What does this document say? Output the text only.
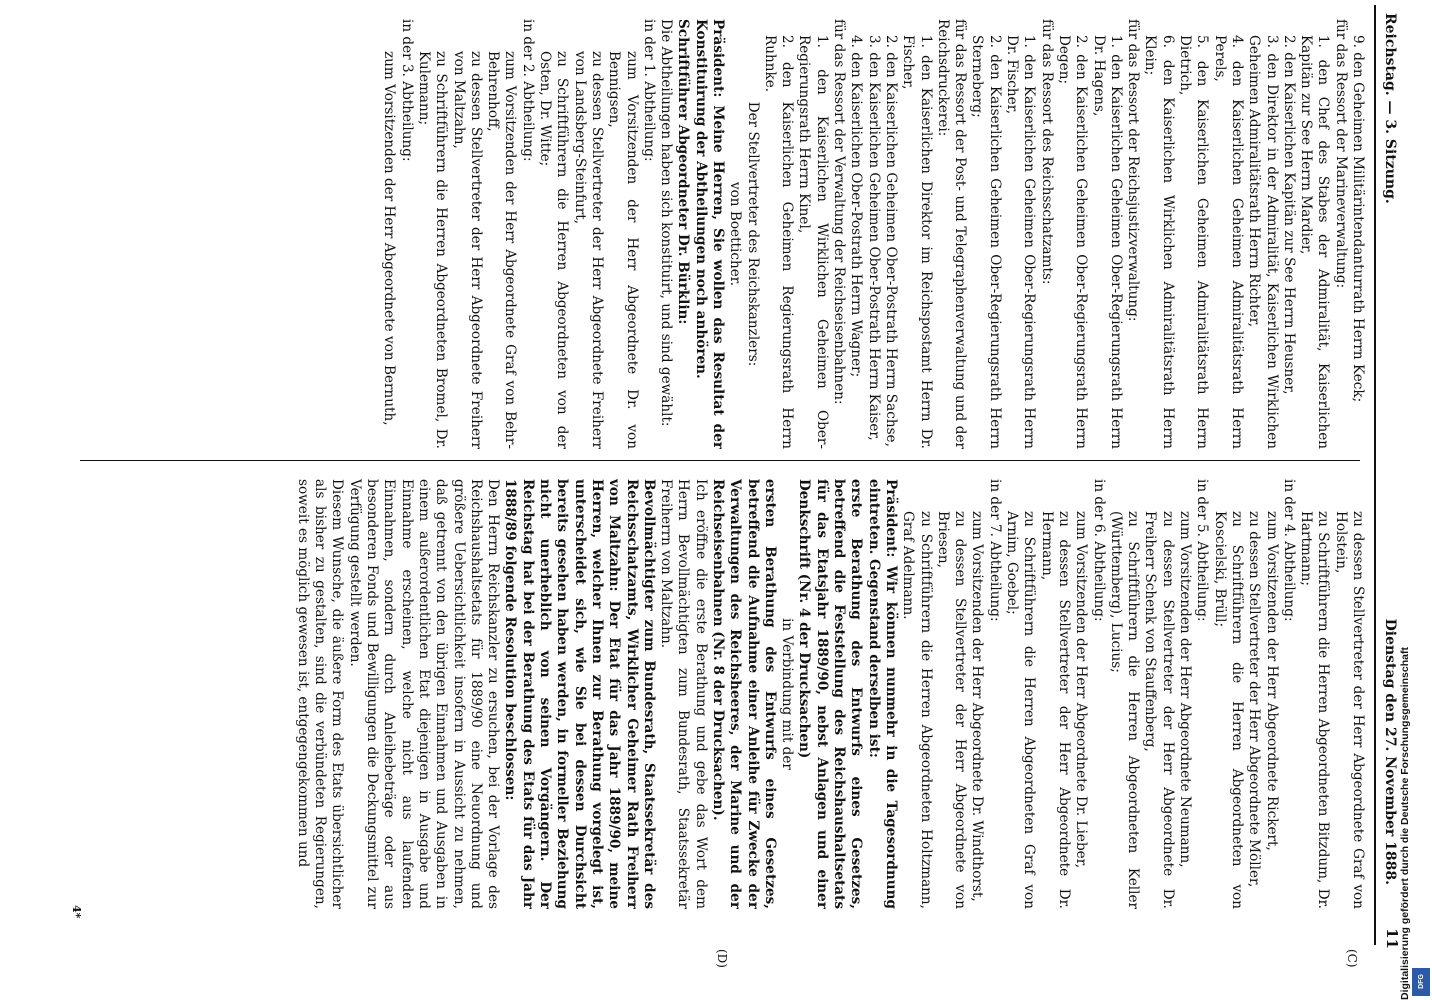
Reichstag. — 3. Sitzung.
Dienstag den 27. November 1888.
11

9. den Geheimen Militärintendanturrath Herrn Keck;

für das Ressort der Marineverwaltung:

1. den Chef des Stabes der Admiralität, Kaiserlichen Kapitän zur See Herrn Mardier,

2. den Kaiserlichen Kapitän zur See Herrn Heusner,

3. den Direktor in der Admiralität, Kaiserlichen Wirklichen Geheimen Admiralitätsrath Herrn Richter,

4. den Kaiserlichen Geheimen Admiralitätsrath Herrn Perels,

5. den Kaiserlichen Geheimen Admiralitätsrath Herrn Dietrich,

6. den Kaiserlichen Wirklichen Admiralitätsrath Herrn Klein;

für das Ressort der Reichsjustizverwaltung:

1. den Kaiserlichen Geheimen Ober-Regierungsrath Herrn Dr. Hagens,

2. den Kaiserlichen Geheimen Ober-Regierungsrath Herrn Degen;

für das Ressort des Reichsschatzamts:

1. den Kaiserlichen Geheimen Ober-Regierungsrath Herrn Dr. Fischer,

2. den Kaiserlichen Geheimen Ober-Regierungsrath Herrn Sterneberg;

für das Ressort der Post- und Telegraphenverwaltung und der Reichsdruckerei:

1. den Kaiserlichen Direktor im Reichspostamt Herrn Dr. Fischer,

2. den Kaiserlichen Geheimen Ober-Postrath Herrn Sachse,

3. den Kaiserlichen Geheimen Ober-Postrath Herrn Kaiser,

4. den Kaiserlichen Ober-Postrath Herrn Wagner;

für das Ressort der Verwaltung der Reichseisenbahnen:

1. den Kaiserlichen Wirklichen Geheimen Ober-Regierungsrath Herrn Kinel,

2. den Kaiserlichen Geheimen Regierungsrath Herrn Ruhnke.

Der Stellvertreter des Reichskanzlers:

von Boetticher.

Präsident: Meine Herren, Sie wollen das Resultat der Konstituirung der Abtheilungen noch anhören.

Schriftführer Abgeordneter Dr. Bürklin:

Die Abtheilungen haben sich konstituirt, und sind gewählt:

in der 1. Abtheilung:

zum Vorsitzenden der Herr Abgeordnete Dr. von Bennigsen,

zu dessen Stellvertreter der Herr Abgeordnete Freiherr von Landsberg-Steinfurt,

zu Schriftführern die Herren Abgeordneten von der Osten, Dr. Witte;

in der 2. Abtheilung:

zum Vorsitzenden der Herr Abgeordnete Graf von Behr-Behrenhoff,

zu dessen Stellvertreter der Herr Abgeordnete Freiherr von Maltzahn,

zu Schriftführern die Herren Abgeordneten Bromel, Dr. Kulemann;

in der 3. Abtheilung:

zum Vorsitzenden der Herr Abgeordnete von Bernuth,

zu dessen Stellvertreter der Herr Abgeordnete Graf von Holstein,

zu Schriftführern die Herren Abgeordneten Bitzdum, Dr. Hartmann;

in der 4. Abtheilung:

zum Vorsitzenden der Herr Abgeordnete Rickert,

zu dessen Stellvertreter der Herr Abgeordnete Möller,

zu Schriftführern die Herren Abgeordneten von Koscielski, Brüll;

in der 5. Abtheilung:

zum Vorsitzenden der Herr Abgeordnete Neumann,

zu dessen Stellvertreter der Herr Abgeordnete Dr. Freiherr Schenk von Stauffenberg,

zu Schriftführern die Herren Abgeordneten Keller (Württemberg), Lucius;

in der 6. Abtheilung:

zum Vorsitzenden der Herr Abgeordnete Dr. Lieber,

zu dessen Stellvertreter der Herr Abgeordnete Dr. Hermann,

zu Schriftführern die Herren Abgeordneten Graf von Arnim, Goebel;

in der 7. Abtheilung:

zum Vorsitzenden der Herr Abgeordnete Dr. Windthorst,

zu dessen Stellvertreter der Herr Abgeordnete von Briesen,

zu Schriftführern die Herren Abgeordneten Holtzmann, Graf Adelmann.

Präsident: Wir können nunmehr in die Tagesordnung eintreten. Gegenstand derselben ist:

erste Berathung des Entwurfs eines Gesetzes, betreffend die Feststellung des Reichshaushaltsetats für das Etatsjahr 1889/90, nebst Anlagen und einer Denkschrift (Nr. 4 der Drucksachen)

in Verbindung mit der

ersten Berathung des Entwurfs eines Gesetzes, betreffend die Aufnahme einer Anleihe für Zwecke der Verwaltungen des Reichsheeres, der Marine und der Reichseisenbahnen (Nr. 8 der Drucksachen).

Ich eröffne die erste Berathung und gebe das Wort dem Herrn Bevollmächtigten zum Bundesrath, Staatssekretär Freiherrn von Maltzahn.

Bevollmächtigter zum Bundesrath, Staatssekretär des Reichsschatzamts, Wirklicher Geheimer Rath Freiherr von Maltzahn: Der Etat für das Jahr 1889/90, meine Herren, welcher Ihnen zur Berathung vorgelegt ist, unterscheidet sich, wie Sie bei dessen Durchsicht bereits gesehen haben werden, in formeller Beziehung nicht unerheblich von seinen Vorgängern. Der Reichstag hat bei der Berathung des Etats für das Jahr 1888/89 folgende Resolution beschlossen:

Den Herrn Reichskanzler zu ersuchen, bei der Vorlage des Reichshaushaltsetats für 1889/90 eine Neuordnung und größere Uebersichtlichkeit insofern in Aussicht zu nehmen, daß getrennt von den übrigen Einnahmen und Ausgaben in einem außerordentlichen Etat diejenigen in Ausgabe und Einnahme erscheinen, welche nicht aus laufenden Einnahmen, sondern durch Anleihebeträge oder aus besonderen Fonds und Bewilligungen die Deckungsmittel zur Verfügung gestellt werden.

Diesem Wunsche, die äußere Form des Etats übersichtlicher als bisher zu gestalten, sind die verbündeten Regierungen, soweit es möglich gewesen ist, entgegengekommen und

(C)
(D)
4*	Digitalisierung gefördert durch die Deutsche Forschungsgemeinschaft DFG
